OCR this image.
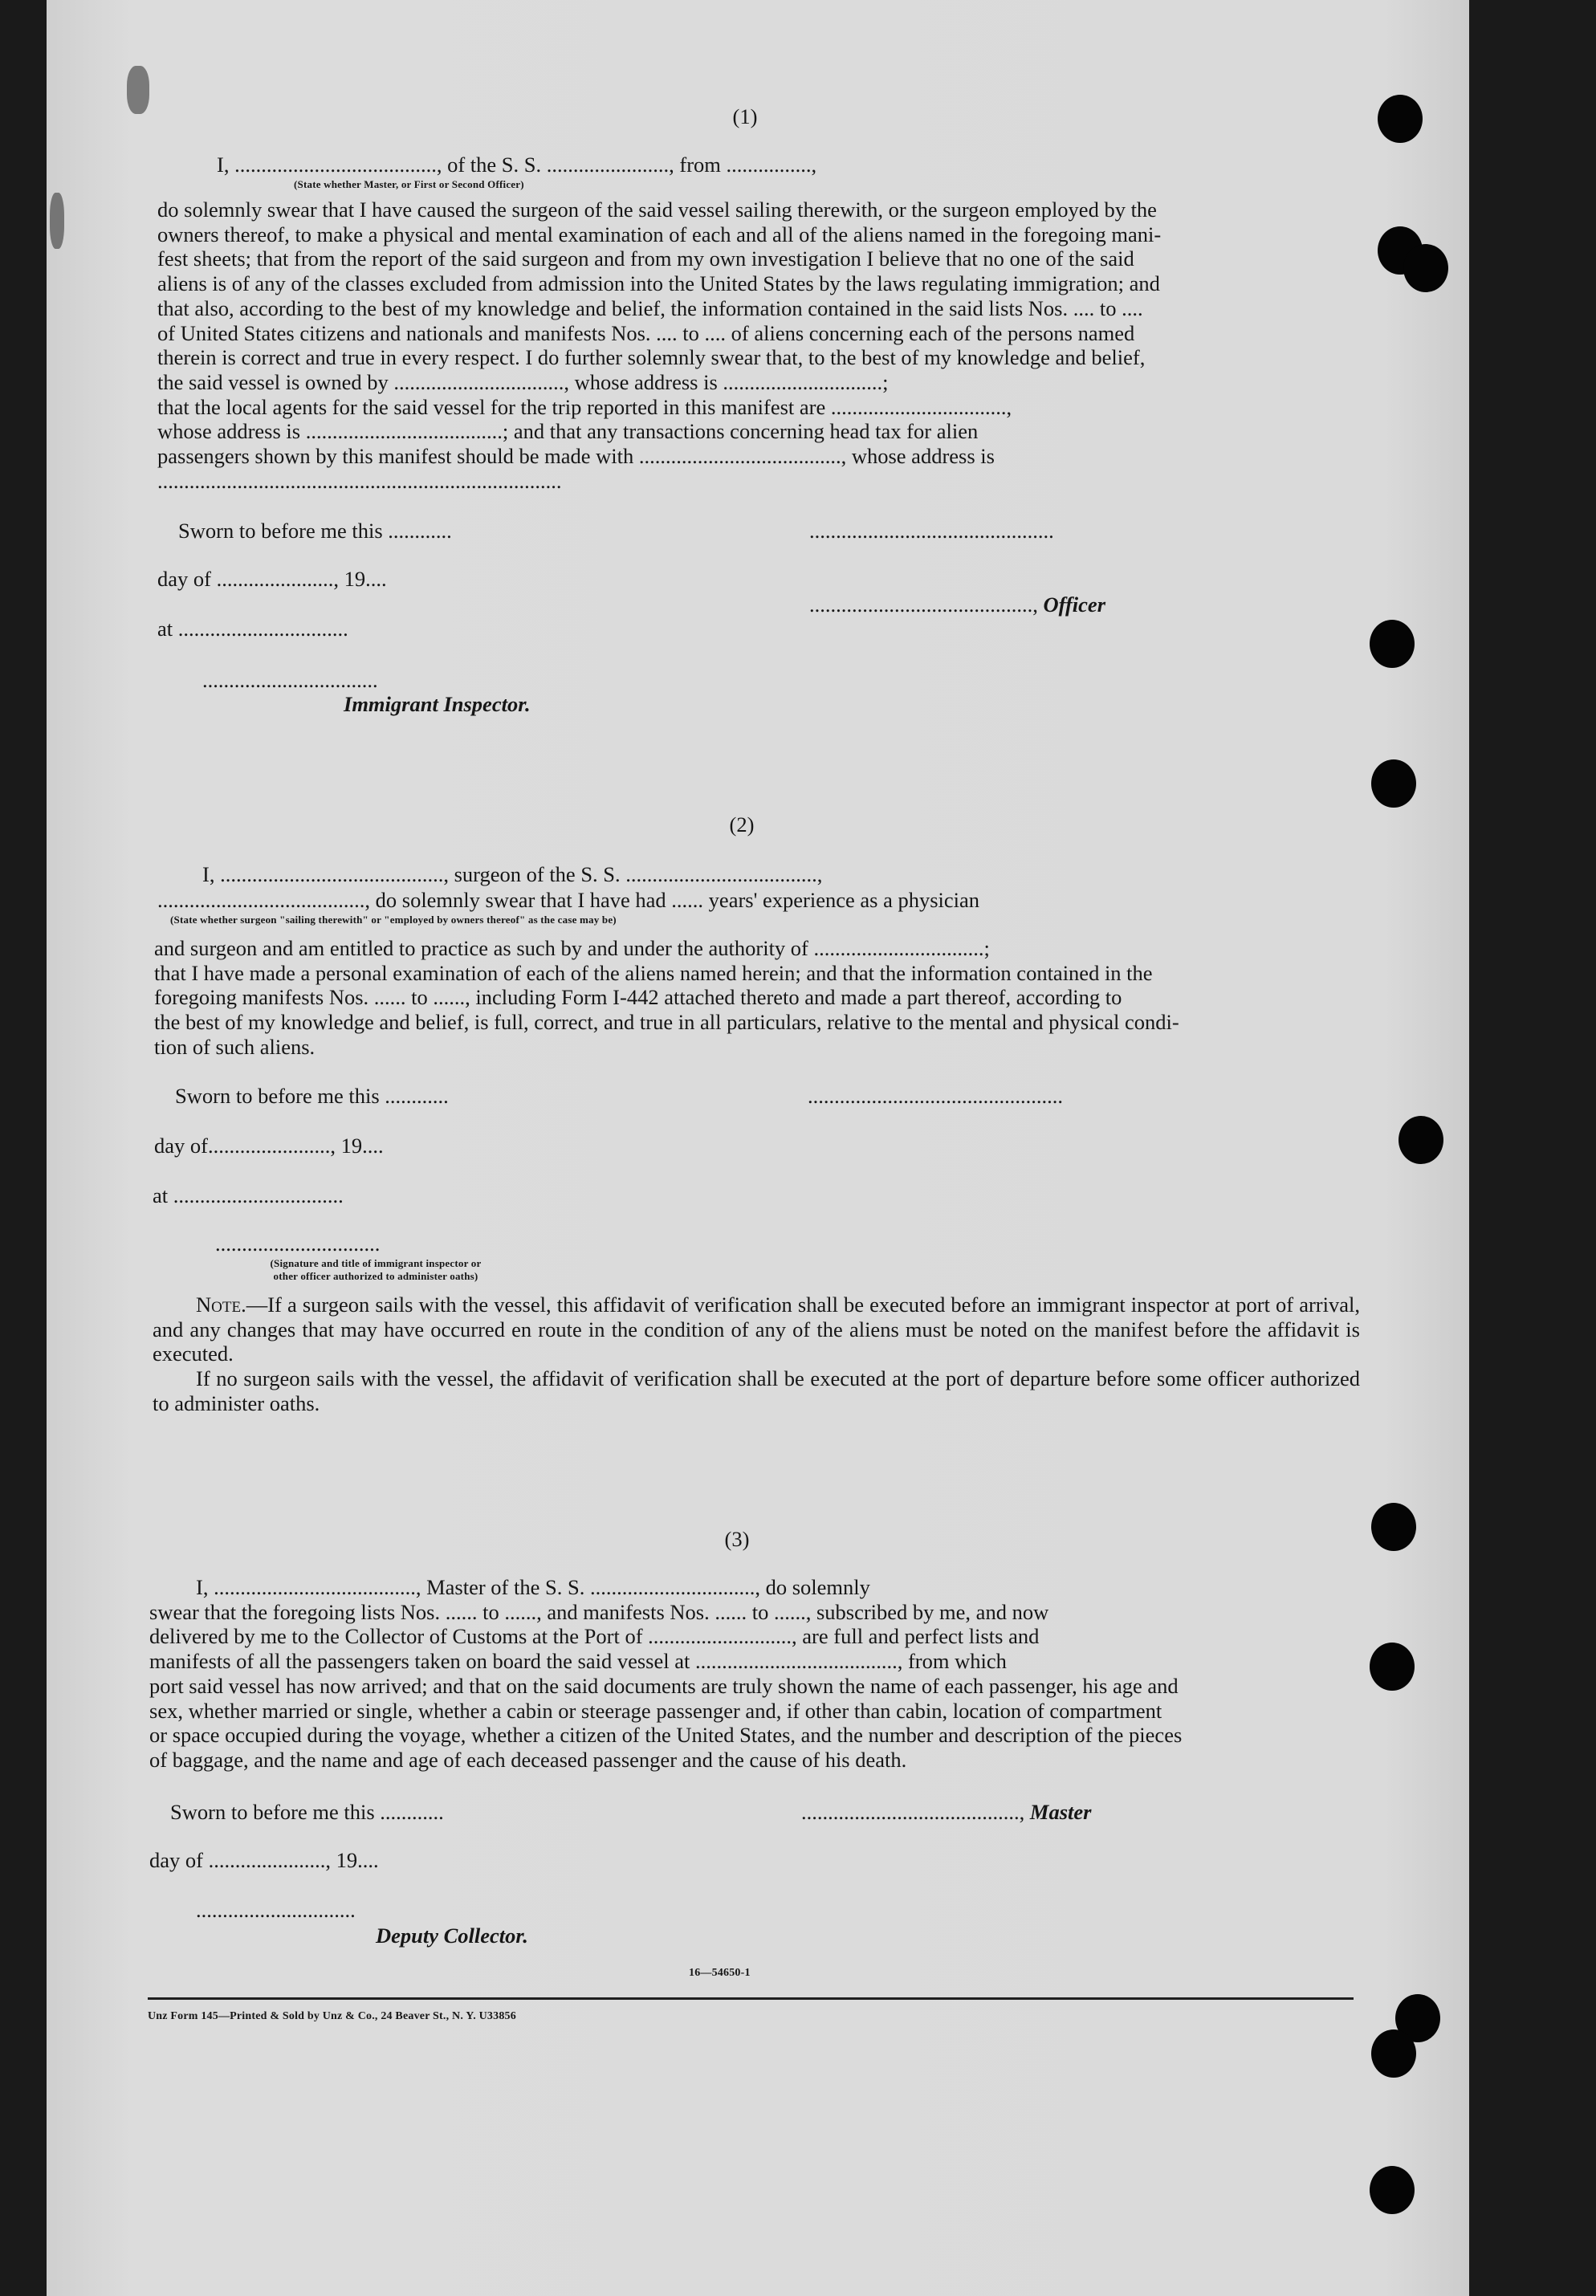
(1)
I, ......................................, of the S. S. ......................., from ................,
(State whether Master, or First or Second Officer)

do solemnly swear that I have caused the surgeon of the said vessel sailing therewith, or the surgeon employed by the

owners thereof, to make a physical and mental examination of each and all of the aliens named in the foregoing mani-

fest sheets; that from the report of the said surgeon and from my own investigation I believe that no one of the said

aliens is of any of the classes excluded from admission into the United States by the laws regulating immigration; and

that also, according to the best of my knowledge and belief, the information contained in the said lists Nos. .... to ....

of United States citizens and nationals and manifests Nos. .... to .... of aliens concerning each of the persons named

therein is correct and true in every respect. I do further solemnly swear that, to the best of my knowledge and belief,

the said vessel is owned by ................................, whose address is ..............................;

that the local agents for the said vessel for the trip reported in this manifest are .................................,

whose address is .....................................; and that any transactions concerning head tax for alien

passengers shown by this manifest should be made with ......................................, whose address is

............................................................................

Sworn to before me this ............	..............................................
day of ......................, 19....
.........................................., Officer
at ................................
.................................
Immigrant Inspector.
(2)
I, .........................................., surgeon of the S. S. ....................................,
......................................., do solemnly swear that I have had ...... years' experience as a physician
(State whether surgeon "sailing therewith" or "employed by owners thereof" as the case may be)

and surgeon and am entitled to practice as such by and under the authority of ................................;

that I have made a personal examination of each of the aliens named herein; and that the information contained in the

foregoing manifests Nos. ...... to ......, including Form I-442 attached thereto and made a part thereof, according to

the best of my knowledge and belief, is full, correct, and true in all particulars, relative to the mental and physical condi-

tion of such aliens.

Sworn to before me this ............	................................................
day of......................., 19....
at ................................
...............................
(Signature and title of immigrant inspector or
other officer authorized to administer oaths)

Note.—If a surgeon sails with the vessel, this affidavit of verification shall be executed before an immigrant inspector at port of arrival, and any changes that may have occurred en route in the condition of any of the aliens must be noted on the manifest before the affidavit is executed.

If no surgeon sails with the vessel, the affidavit of verification shall be executed at the port of departure before some officer authorized to administer oaths.

(3)

I, ......................................, Master of the S. S. ..............................., do solemnly

swear that the foregoing lists Nos. ...... to ......, and manifests Nos. ...... to ......, subscribed by me, and now

delivered by me to the Collector of Customs at the Port of ..........................., are full and perfect lists and

manifests of all the passengers taken on board the said vessel at ......................................, from which

port said vessel has now arrived; and that on the said documents are truly shown the name of each passenger, his age and

sex, whether married or single, whether a cabin or steerage passenger and, if other than cabin, location of compartment

or space occupied during the voyage, whether a citizen of the United States, and the number and description of the pieces

of baggage, and the name and age of each deceased passenger and the cause of his death.

Sworn to before me this ............	........................................., Master
day of ......................, 19....
..............................
Deputy Collector.
16—54650-1
Unz Form 145—Printed & Sold by Unz & Co., 24 Beaver St., N. Y. U33856
